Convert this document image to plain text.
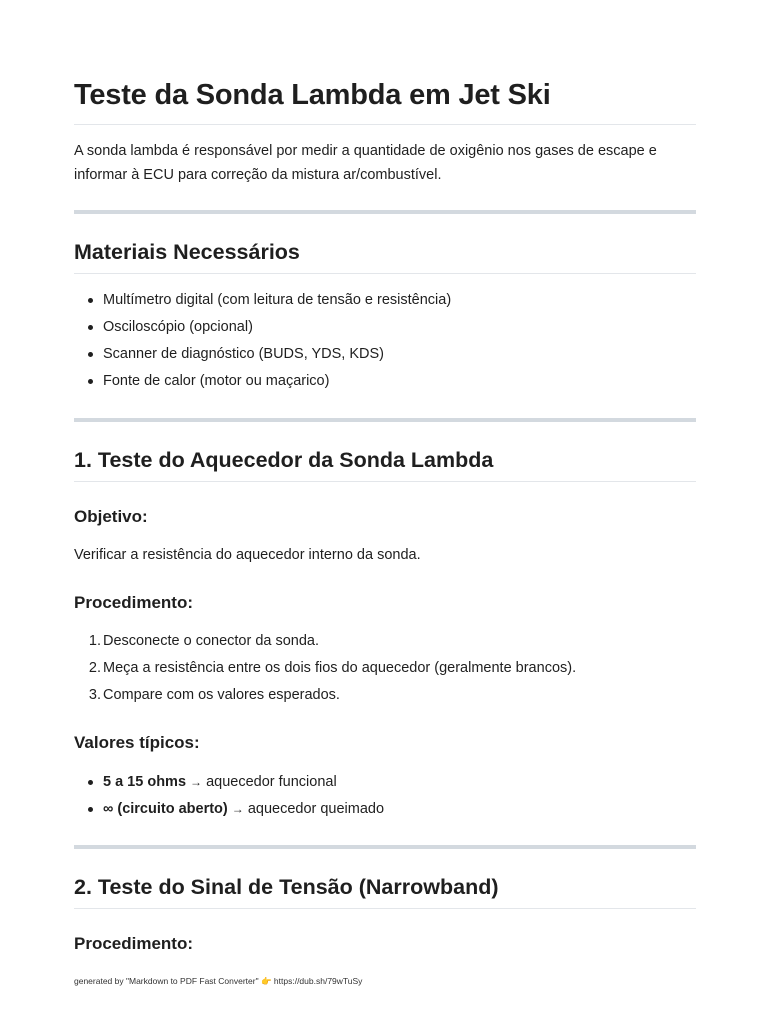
Teste da Sonda Lambda em Jet Ski

A sonda lambda é responsável por medir a quantidade de oxigênio nos gases de escape e
informar à ECU para correção da mistura ar/combustível.

Materiais Necessários
Multímetro digital (com leitura de tensão e resistência)
Osciloscópio (opcional)
Scanner de diagnóstico (BUDS, YDS, KDS)
Fonte de calor (motor ou maçarico)
1. Teste do Aquecedor da Sonda Lambda
Objetivo:

Verificar a resistência do aquecedor interno da sonda.

Procedimento:
1. Desconecte o conector da sonda.
2. Meça a resistência entre os dois fios do aquecedor (geralmente brancos).
3. Compare com os valores esperados.
Valores típicos:
5 a 15 ohms → aquecedor funcional
∞ (circuito aberto) → aquecedor queimado
2. Teste do Sinal de Tensão (Narrowband)
Procedimento:
generated by "Markdown to PDF Fast Converter" 👉 https://dub.sh/79wTuSy
